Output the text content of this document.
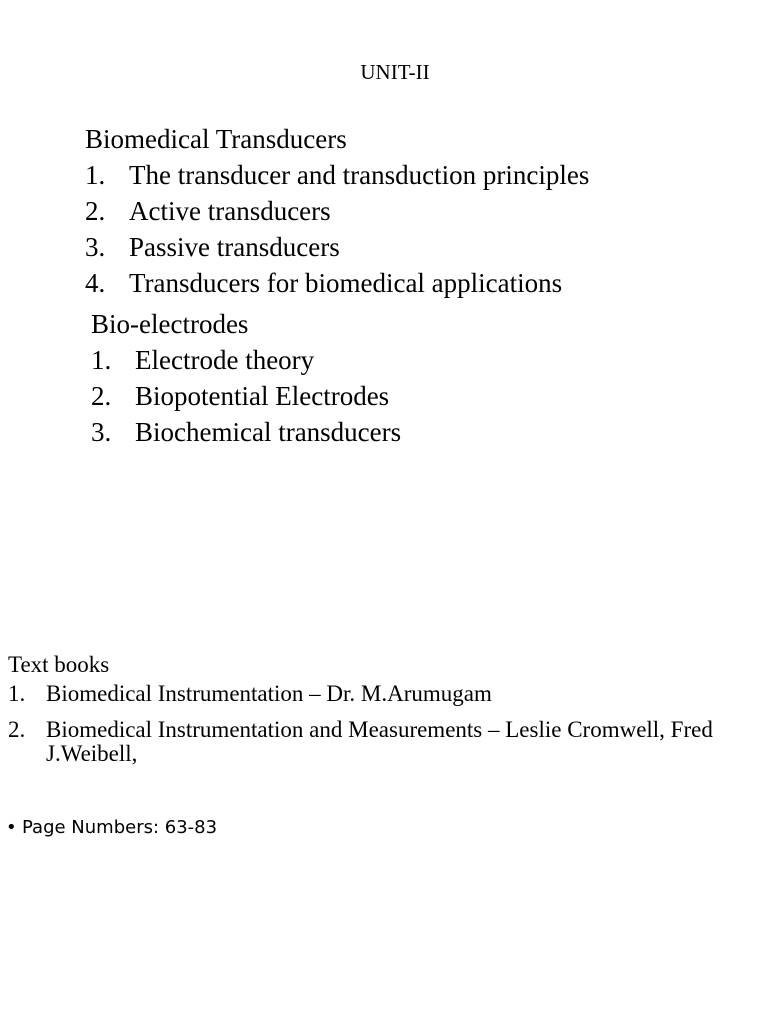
UNIT-II
Biomedical Transducers
1. The transducer and transduction principles
2. Active transducers
3. Passive transducers
4. Transducers for biomedical applications
Bio-electrodes
1. Electrode theory
2. Biopotential Electrodes
3. Biochemical transducers
Text books
1. Biomedical Instrumentation – Dr. M.Arumugam
2. Biomedical Instrumentation and Measurements – Leslie Cromwell, Fred J.Weibell,
• Page Numbers: 63-83
